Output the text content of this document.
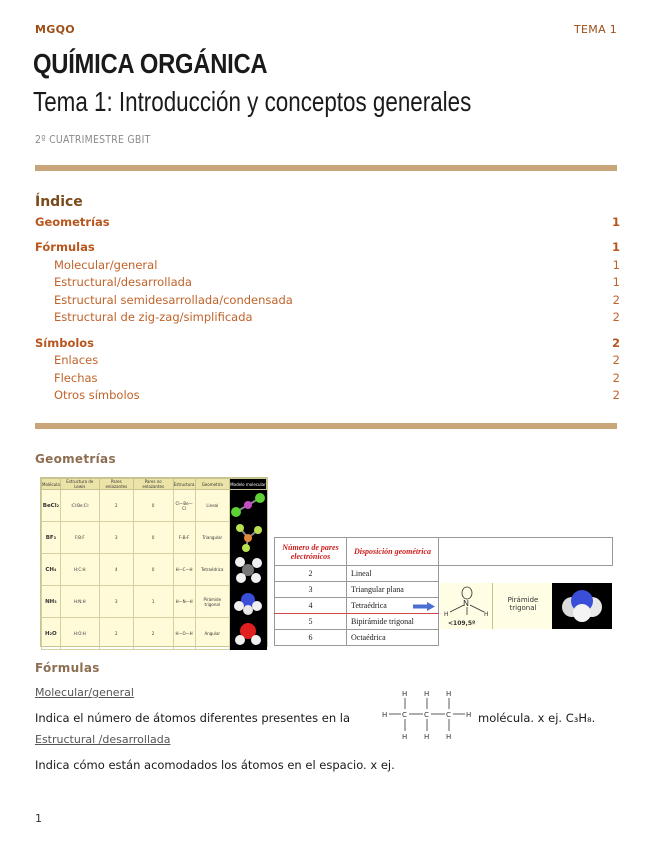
MGQO	TEMA 1
QUÍMICA ORGÁNICA
Tema 1: Introducción y conceptos generales
2º CUATRIMESTRE GBIT
Índice
Geometrías	1
Fórmulas	1
Molecular/general	1
Estructural/desarrollada	1
Estructural semidesarrollada/condensada	2
Estructural de zig-zag/simplificada	2
Símbolos	2
Enlaces	2
Flechas	2
Otros símbolos	2
Geometrías
Molécula	Estructura de Lewis	Pares enlazantes	Pares no enlazantes	Estructura	Geometría	Modelo molecular
BeCl₂	:Cl:Be:Cl:	2	0	Cl—Be—Cl	Lineal	
BF₃	F:B:F	3	0	F‹B›F	Triangular	
CH₄	H:C:H	4	0	H—C—H	Tetraédrica	
NH₃	H:N:H	3	1	H—N—H	Pirámide trigonal	
H₂O	H:O:H	2	2	H—O—H	Angular	
Número de pares electrónicos	Disposición geométrica	
2	Lineal	
3	Triangular plana	
4	Tetraédrica	

5	Bipirámide trigonal	
6	Octaédrica	
N
H	H
<109,5º
Pirámide trigonal
Fórmulas
Molecular/general
Indica el número de átomos diferentes presentes en la	H C C C H
H H H
H H H
molécula. x ej. C₃H₈.
Estructural /desarrollada
Indica cómo están acomodados los átomos en el espacio. x ej.
1
